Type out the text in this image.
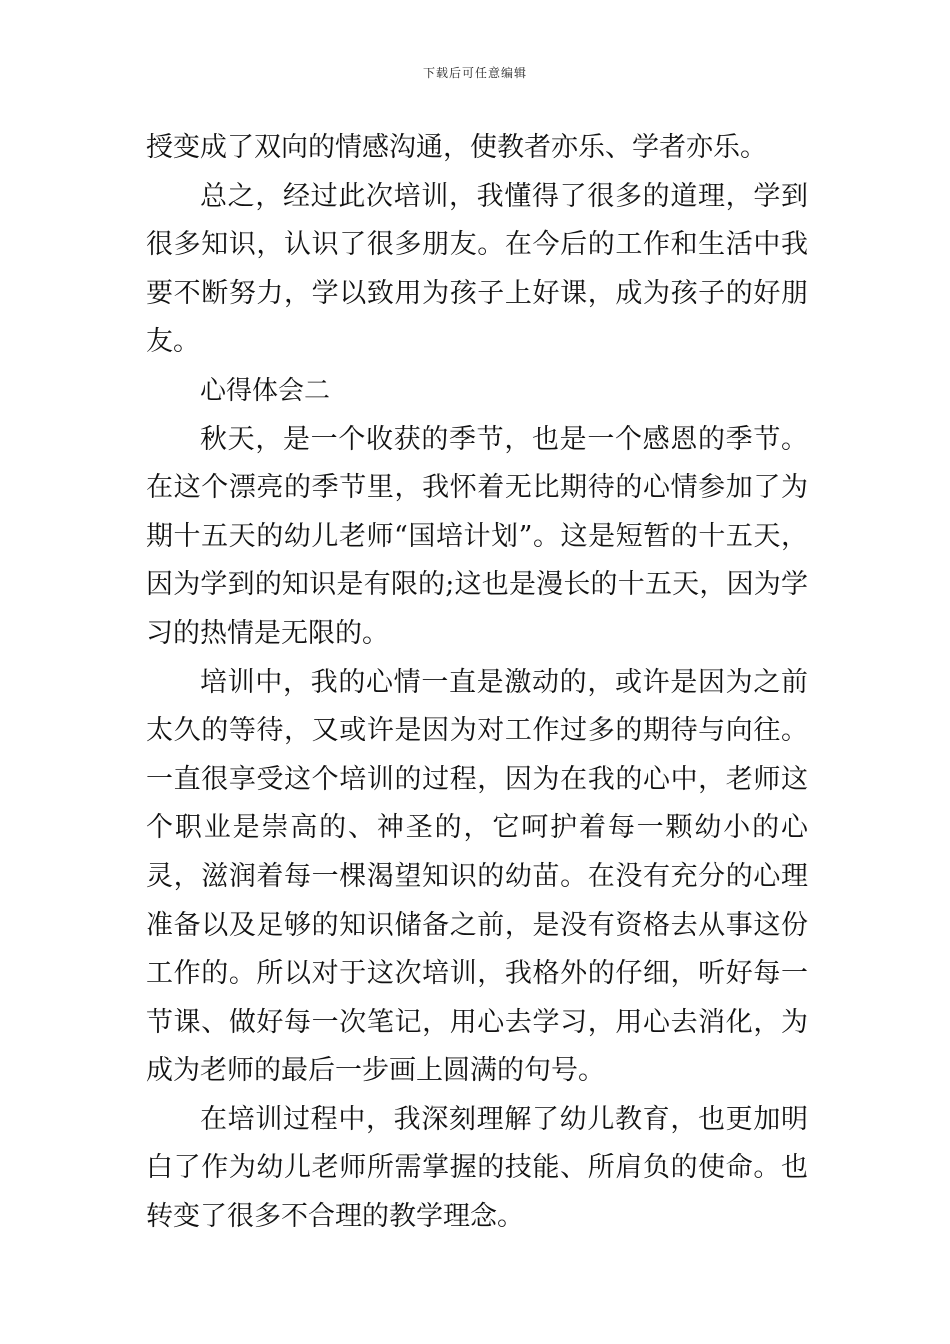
下载后可任意编辑

授变成了双向的情感沟通，使教者亦乐、学者亦乐。

总之，经过此次培训，我懂得了很多的道理，学到很多知识，认识了很多朋友。在今后的工作和生活中我要不断努力，学以致用为孩子上好课，成为孩子的好朋友。

心得体会二

秋天，是一个收获的季节，也是一个感恩的季节。在这个漂亮的季节里，我怀着无比期待的心情参加了为期十五天的幼儿老师“国培计划”。这是短暂的十五天，因为学到的知识是有限的;这也是漫长的十五天，因为学习的热情是无限的。

培训中，我的心情一直是激动的，或许是因为之前太久的等待，又或许是因为对工作过多的期待与向往。一直很享受这个培训的过程，因为在我的心中，老师这个职业是崇高的、神圣的，它呵护着每一颗幼小的心灵，滋润着每一棵渴望知识的幼苗。在没有充分的心理准备以及足够的知识储备之前，是没有资格去从事这份工作的。所以对于这次培训，我格外的仔细，听好每一节课、做好每一次笔记，用心去学习，用心去消化，为成为老师的最后一步画上圆满的句号。

在培训过程中，我深刻理解了幼儿教育，也更加明白了作为幼儿老师所需掌握的技能、所肩负的使命。也转变了很多不合理的教学理念。
